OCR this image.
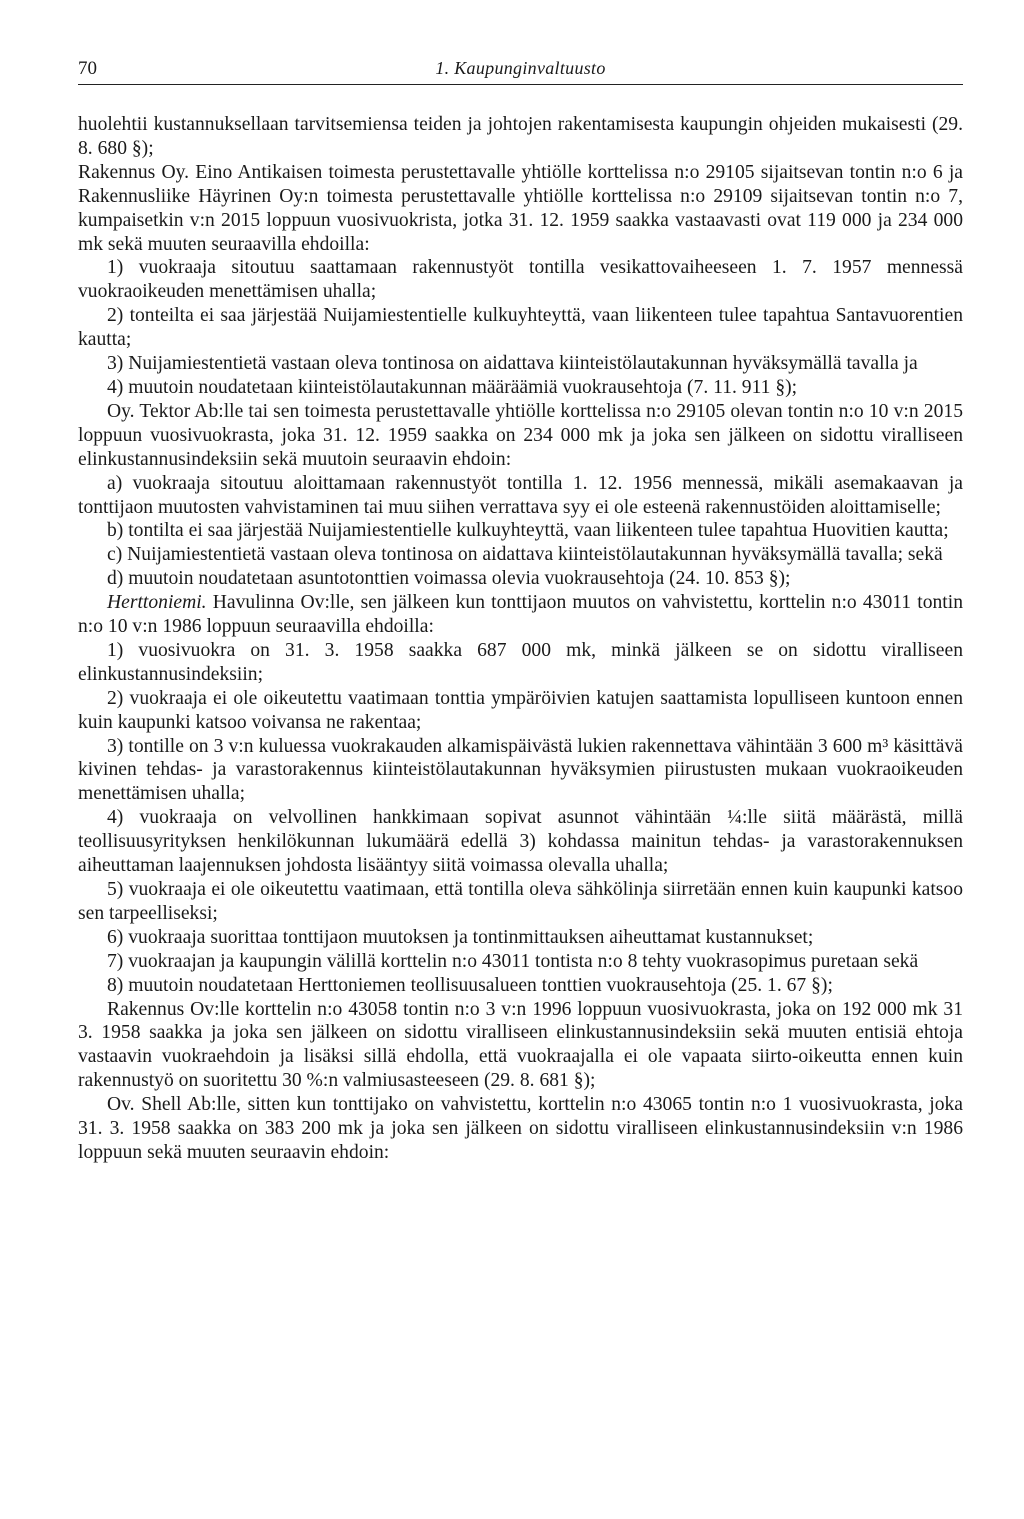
70	1. Kaupunginvaltuusto

huolehtii kustannuksellaan tarvitsemiensa teiden ja johtojen rakentamisesta kaupungin ohjeiden mukaisesti (29. 8. 680 §);

Rakennus Oy. Eino Antikaisen toimesta perustettavalle yhtiölle korttelissa n:o 29105 sijaitsevan tontin n:o 6 ja Rakennusliike Häyrinen Oy:n toimesta perustettavalle yhtiölle korttelissa n:o 29109 sijaitsevan tontin n:o 7, kumpaisetkin v:n 2015 loppuun vuosivuokrista, jotka 31. 12. 1959 saakka vastaavasti ovat 119 000 ja 234 000 mk sekä muuten seuraavilla ehdoilla:

1) vuokraaja sitoutuu saattamaan rakennustyöt tontilla vesikattovaiheeseen 1. 7. 1957 mennessä vuokraoikeuden menettämisen uhalla;

2) tonteilta ei saa järjestää Nuijamiestentielle kulkuyhteyttä, vaan liikenteen tulee tapahtua Santavuorentien kautta;

3) Nuijamiestentietä vastaan oleva tontinosa on aidattava kiinteistölautakunnan hyväksymällä tavalla ja

4) muutoin noudatetaan kiinteistölautakunnan määräämiä vuokrausehtoja (7. 11. 911 §);

Oy. Tektor Ab:lle tai sen toimesta perustettavalle yhtiölle korttelissa n:o 29105 olevan tontin n:o 10 v:n 2015 loppuun vuosivuokrasta, joka 31. 12. 1959 saakka on 234 000 mk ja joka sen jälkeen on sidottu viralliseen elinkustannusindeksiin sekä muutoin seuraavin ehdoin:

a) vuokraaja sitoutuu aloittamaan rakennustyöt tontilla 1. 12. 1956 mennessä, mikäli asemakaavan ja tonttijaon muutosten vahvistaminen tai muu siihen verrattava syy ei ole esteenä rakennustöiden aloittamiselle;

b) tontilta ei saa järjestää Nuijamiestentielle kulkuyhteyttä, vaan liikenteen tulee tapahtua Huovitien kautta;

c) Nuijamiestentietä vastaan oleva tontinosa on aidattava kiinteistölautakunnan hyväksymällä tavalla; sekä

d) muutoin noudatetaan asuntotonttien voimassa olevia vuokrausehtoja (24. 10. 853 §);

Herttoniemi. Havulinna Ov:lle, sen jälkeen kun tonttijaon muutos on vahvistettu, korttelin n:o 43011 tontin n:o 10 v:n 1986 loppuun seuraavilla ehdoilla:

1) vuosivuokra on 31. 3. 1958 saakka 687 000 mk, minkä jälkeen se on sidottu viralliseen elinkustannusindeksiin;

2) vuokraaja ei ole oikeutettu vaatimaan tonttia ympäröivien katujen saattamista lopulliseen kuntoon ennen kuin kaupunki katsoo voivansa ne rakentaa;

3) tontille on 3 v:n kuluessa vuokrakauden alkamispäivästä lukien rakennettava vähintään 3 600 m³ käsittävä kivinen tehdas- ja varastorakennus kiinteistölautakunnan hyväksymien piirustusten mukaan vuokraoikeuden menettämisen uhalla;

4) vuokraaja on velvollinen hankkimaan sopivat asunnot vähintään ¼:lle siitä määrästä, millä teollisuusyrityksen henkilökunnan lukumäärä edellä 3) kohdassa mainitun tehdas- ja varastorakennuksen aiheuttaman laajennuksen johdosta lisääntyy siitä voimassa olevalla uhalla;

5) vuokraaja ei ole oikeutettu vaatimaan, että tontilla oleva sähkölinja siirretään ennen kuin kaupunki katsoo sen tarpeelliseksi;

6) vuokraaja suorittaa tonttijaon muutoksen ja tontinmittauksen aiheuttamat kustannukset;

7) vuokraajan ja kaupungin välillä korttelin n:o 43011 tontista n:o 8 tehty vuokrasopimus puretaan sekä

8) muutoin noudatetaan Herttoniemen teollisuusalueen tonttien vuokrausehtoja (25. 1. 67 §);

Rakennus Ov:lle korttelin n:o 43058 tontin n:o 3 v:n 1996 loppuun vuosivuokrasta, joka on 192 000 mk 31 3. 1958 saakka ja joka sen jälkeen on sidottu viralliseen elinkustannusindeksiin sekä muuten entisiä ehtoja vastaavin vuokraehdoin ja lisäksi sillä ehdolla, että vuokraajalla ei ole vapaata siirto-oikeutta ennen kuin rakennustyö on suoritettu 30 %:n valmiusasteeseen (29. 8. 681 §);

Ov. Shell Ab:lle, sitten kun tonttijako on vahvistettu, korttelin n:o 43065 tontin n:o 1 vuosivuokrasta, joka 31. 3. 1958 saakka on 383 200 mk ja joka sen jälkeen on sidottu viralliseen elinkustannusindeksiin v:n 1986 loppuun sekä muuten seuraavin ehdoin:
